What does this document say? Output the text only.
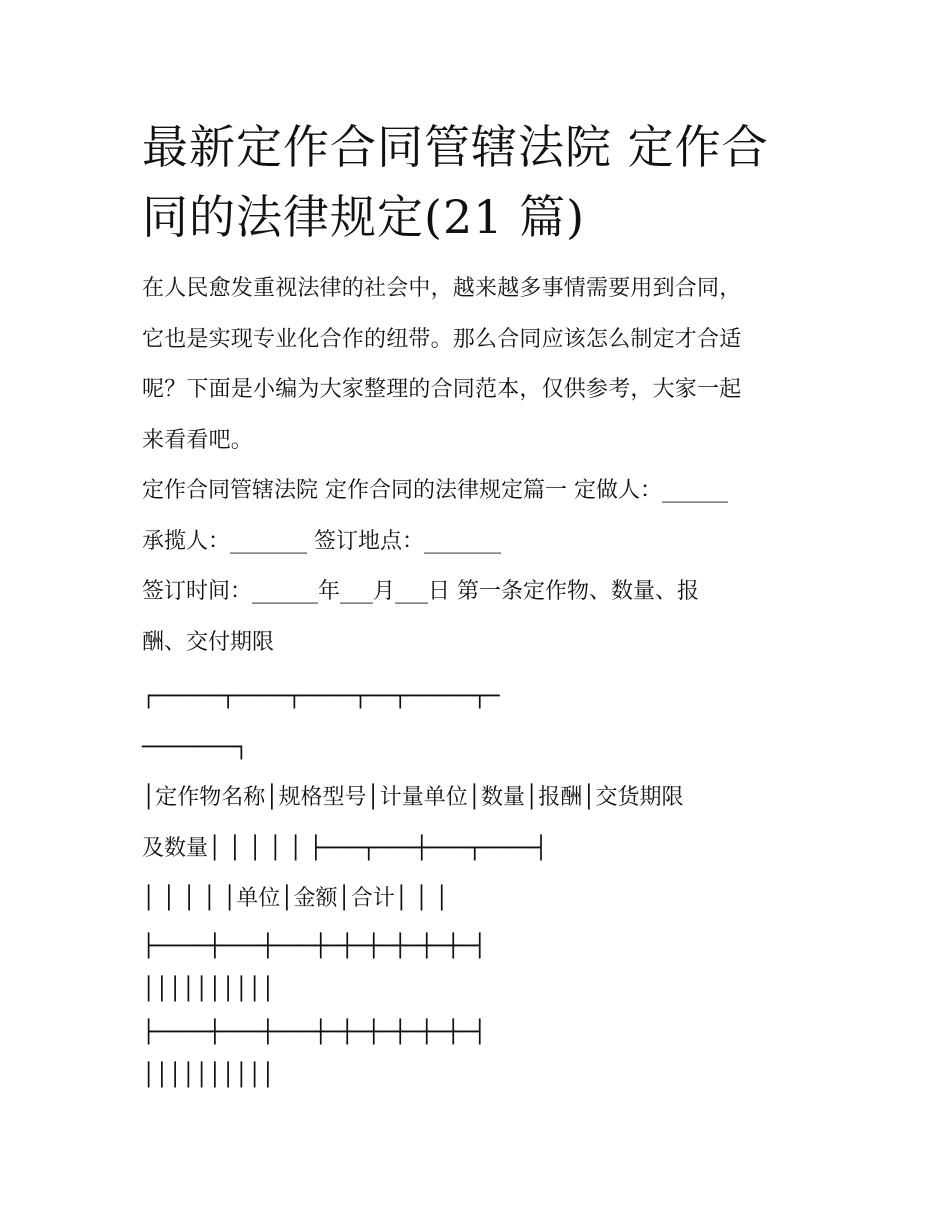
最新定作合同管辖法院 定作合
同的法律规定(21 篇)

在人民愈发重视法律的社会中，越来越多事情需要用到合同，

它也是实现专业化合作的纽带。那么合同应该怎么制定才合适

呢？下面是小编为大家整理的合同范本，仅供参考，大家一起

来看看吧。

定作合同管辖法院 定作合同的法律规定篇一 定做人：______

承揽人：_______ 签订地点：_______

签订时间：______年___月___日 第一条定作物、数量、报

酬、交付期限

┌─────┬────┬────┬──┬─────┬─

───────┐

│定作物名称│规格型号│计量单位│数量│报酬│交货期限

及数量│ │ │ │ │ ├───┬───┼───┬────┤

│ │ │ │ │单位│金额│合计│ │ │

├────┼───┼───┼─┼─┼─┼─┼─┼─┤

││││││││││

├────┼───┼───┼─┼─┼─┼─┼─┼─┤

││││││││││
